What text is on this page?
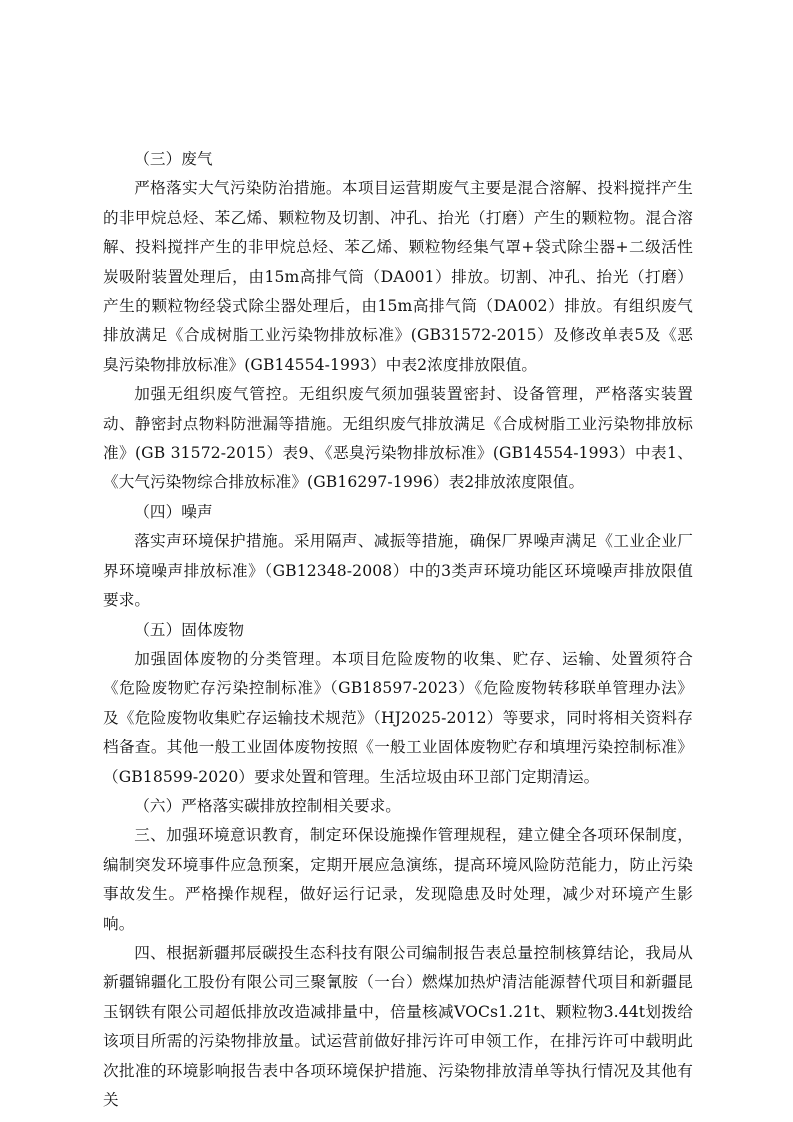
（三）废气

严格落实大气污染防治措施。本项目运营期废气主要是混合溶解、投料搅拌产生的非甲烷总烃、苯乙烯、颗粒物及切割、冲孔、抬光（打磨）产生的颗粒物。混合溶解、投料搅拌产生的非甲烷总烃、苯乙烯、颗粒物经集气罩+袋式除尘器+二级活性炭吸附装置处理后，由15m高排气筒（DA001）排放。切割、冲孔、抬光（打磨）产生的颗粒物经袋式除尘器处理后，由15m高排气筒（DA002）排放。有组织废气排放满足《合成树脂工业污染物排放标准》(GB31572-2015）及修改单表5及《恶臭污染物排放标准》(GB14554-1993）中表2浓度排放限值。

加强无组织废气管控。无组织废气须加强装置密封、设备管理，严格落实装置动、静密封点物料防泄漏等措施。无组织废气排放满足《合成树脂工业污染物排放标准》(GB 31572-2015）表9、《恶臭污染物排放标准》(GB14554-1993）中表1、《大气污染物综合排放标准》(GB16297-1996）表2排放浓度限值。

（四）噪声

落实声环境保护措施。采用隔声、减振等措施，确保厂界噪声满足《工业企业厂界环境噪声排放标准》（GB12348-2008）中的3类声环境功能区环境噪声排放限值要求。

（五）固体废物

加强固体废物的分类管理。本项目危险废物的收集、贮存、运输、处置须符合《危险废物贮存污染控制标准》（GB18597-2023）《危险废物转移联单管理办法》及《危险废物收集贮存运输技术规范》（HJ2025-2012）等要求，同时将相关资料存档备查。其他一般工业固体废物按照《一般工业固体废物贮存和填埋污染控制标准》（GB18599-2020）要求处置和管理。生活垃圾由环卫部门定期清运。

（六）严格落实碳排放控制相关要求。

三、加强环境意识教育，制定环保设施操作管理规程，建立健全各项环保制度，编制突发环境事件应急预案，定期开展应急演练，提高环境风险防范能力，防止污染事故发生。严格操作规程，做好运行记录，发现隐患及时处理，减少对环境产生影响。

四、根据新疆邦辰碳投生态科技有限公司编制报告表总量控制核算结论，我局从新疆锦疆化工股份有限公司三聚氰胺（一台）燃煤加热炉清洁能源替代项目和新疆昆玉钢铁有限公司超低排放改造减排量中，倍量核减VOCs1.21t、颗粒物3.44t划拨给该项目所需的污染物排放量。试运营前做好排污许可申领工作，在排污许可中载明此次批准的环境影响报告表中各项环境保护措施、污染物排放清单等执行情况及其他有关
